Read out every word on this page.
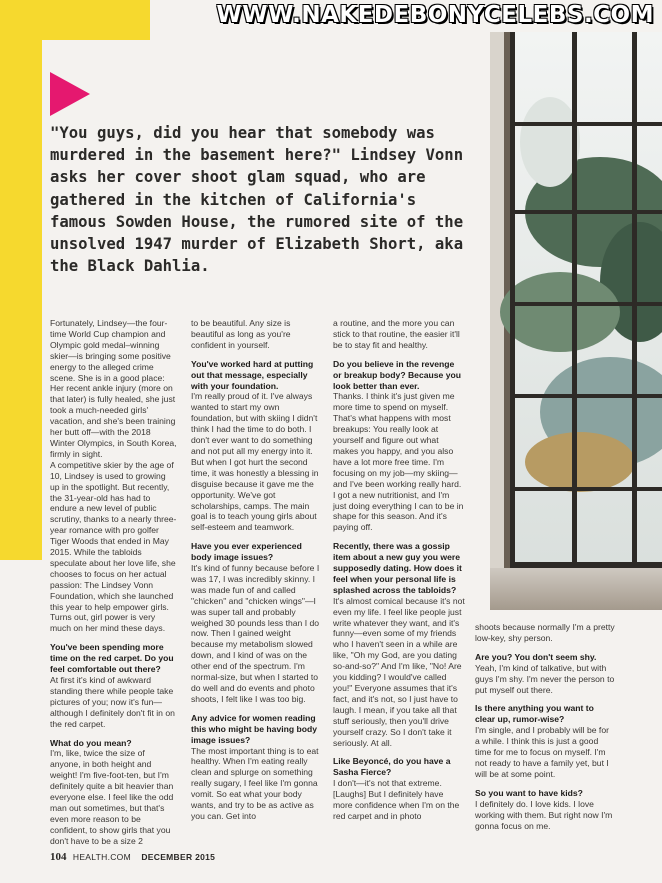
WWW.NAKEDEBONYCELEBS.COM

"You guys, did you hear that somebody was murdered in the basement here?" Lindsey Vonn asks her cover shoot glam squad, who are gathered in the kitchen of California's famous Sowden House, the rumored site of the unsolved 1947 murder of Elizabeth Short, aka the Black Dahlia.

Fortunately, Lindsey—the four-time World Cup champion and Olympic gold medal–winning skier—is bringing some positive energy to the alleged crime scene. She is in a good place: Her recent ankle injury (more on that later) is fully healed, she just took a much-needed girls' vacation, and she's been training her butt off—with the 2018 Winter Olympics, in South Korea, firmly in sight.

A competitive skier by the age of 10, Lindsey is used to growing up in the spotlight. But recently, the 31-year-old has had to endure a new level of public scrutiny, thanks to a nearly three-year romance with pro golfer Tiger Woods that ended in May 2015. While the tabloids speculate about her love life, she chooses to focus on her actual passion: The Lindsey Vonn Foundation, which she launched this year to help empower girls. Turns out, girl power is very much on her mind these days.

You've been spending more time on the red carpet. Do you feel comfortable out there?

At first it's kind of awkward standing there while people take pictures of you; now it's fun—although I definitely don't fit in on the red carpet.

What do you mean?

I'm, like, twice the size of anyone, in both height and weight! I'm five-foot-ten, but I'm definitely quite a bit heavier than everyone else. I feel like the odd man out sometimes, but that's even more reason to be confident, to show girls that you don't have to be a size 2

to be beautiful. Any size is beautiful as long as you're confident in yourself.

You've worked hard at putting out that message, especially with your foundation.

I'm really proud of it. I've always wanted to start my own foundation, but with skiing I didn't think I had the time to do both. I don't ever want to do something and not put all my energy into it. But when I got hurt the second time, it was honestly a blessing in disguise because it gave me the opportunity. We've got scholarships, camps. The main goal is to teach young girls about self-esteem and teamwork.

Have you ever experienced body image issues?

It's kind of funny because before I was 17, I was incredibly skinny. I was made fun of and called "chicken" and "chicken wings"—I was super tall and probably weighed 30 pounds less than I do now. Then I gained weight because my metabolism slowed down, and I kind of was on the other end of the spectrum. I'm normal-size, but when I started to do well and do events and photo shoots, I felt like I was too big.

Any advice for women reading this who might be having body image issues?

The most important thing is to eat healthy. When I'm eating really clean and splurge on something really sugary, I feel like I'm gonna vomit. So eat what your body wants, and try to be as active as you can. Get into

a routine, and the more you can stick to that routine, the easier it'll be to stay fit and healthy.

Do you believe in the revenge or breakup body? Because you look better than ever.

Thanks. I think it's just given me more time to spend on myself. That's what happens with most breakups: You really look at yourself and figure out what makes you happy, and you also have a lot more free time. I'm focusing on my job—my skiing—and I've been working really hard. I got a new nutritionist, and I'm just doing everything I can to be in shape for this season. And it's paying off.

Recently, there was a gossip item about a new guy you were supposedly dating. How does it feel when your personal life is splashed across the tabloids?

It's almost comical because it's not even my life. I feel like people just write whatever they want, and it's funny—even some of my friends who I haven't seen in a while are like, "Oh my God, are you dating so-and-so?" And I'm like, "No! Are you kidding? I would've called you!" Everyone assumes that it's fact, and it's not, so I just have to laugh. I mean, if you take all that stuff seriously, then you'll drive yourself crazy. So I don't take it seriously. At all.

Like Beyoncé, do you have a Sasha Fierce?

I don't—it's not that extreme. [Laughs] But I definitely have more confidence when I'm on the red carpet and in photo

shoots because normally I'm a pretty low-key, shy person.

Are you? You don't seem shy.

Yeah, I'm kind of talkative, but with guys I'm shy. I'm never the person to put myself out there.

Is there anything you want to clear up, rumor-wise?

I'm single, and I probably will be for a while. I think this is just a good time for me to focus on myself. I'm not ready to have a family yet, but I will be at some point.

So you want to have kids?

I definitely do. I love kids. I love working with them. But right now I'm gonna focus on me.

104 HEALTH.COM DECEMBER 2015
